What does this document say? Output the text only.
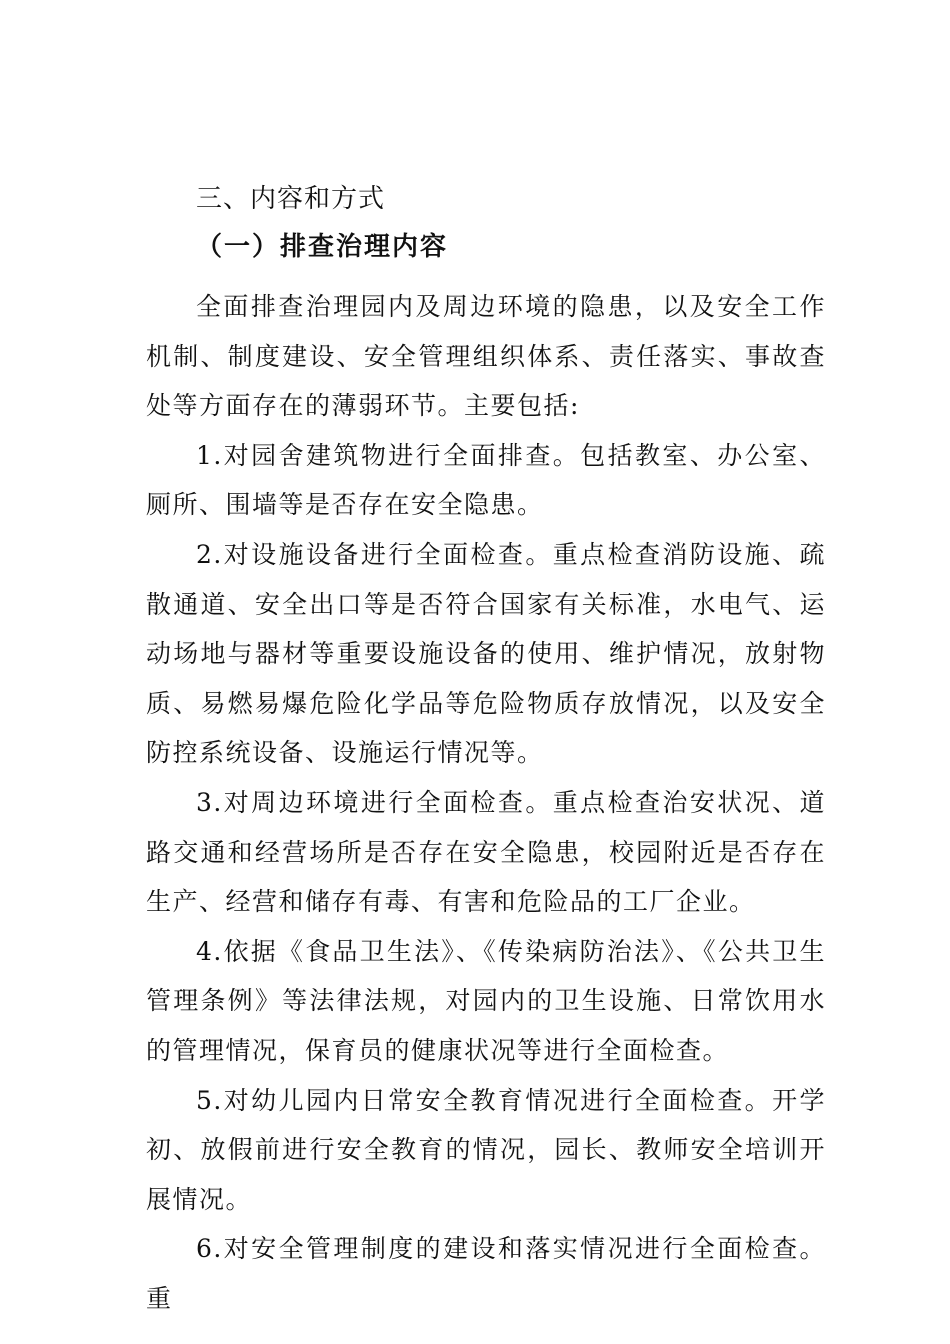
三、内容和方式
（一）排查治理内容

全面排查治理园内及周边环境的隐患，以及安全工作机制、制度建设、安全管理组织体系、责任落实、事故查处等方面存在的薄弱环节。主要包括:

1.对园舍建筑物进行全面排查。包括教室、办公室、厕所、围墙等是否存在安全隐患。

2.对设施设备进行全面检查。重点检查消防设施、疏散通道、安全出口等是否符合国家有关标准，水电气、运动场地与器材等重要设施设备的使用、维护情况，放射物质、易燃易爆危险化学品等危险物质存放情况，以及安全防控系统设备、设施运行情况等。

3.对周边环境进行全面检查。重点检查治安状况、道路交通和经营场所是否存在安全隐患，校园附近是否存在生产、经营和储存有毒、有害和危险品的工厂企业。

4.依据《食品卫生法》、《传染病防治法》、《公共卫生管理条例》等法律法规，对园内的卫生设施、日常饮用水的管理情况，保育员的健康状况等进行全面检查。

5.对幼儿园内日常安全教育情况进行全面检查。开学初、放假前进行安全教育的情况，园长、教师安全培训开展情况。

6.对安全管理制度的建设和落实情况进行全面检查。重
